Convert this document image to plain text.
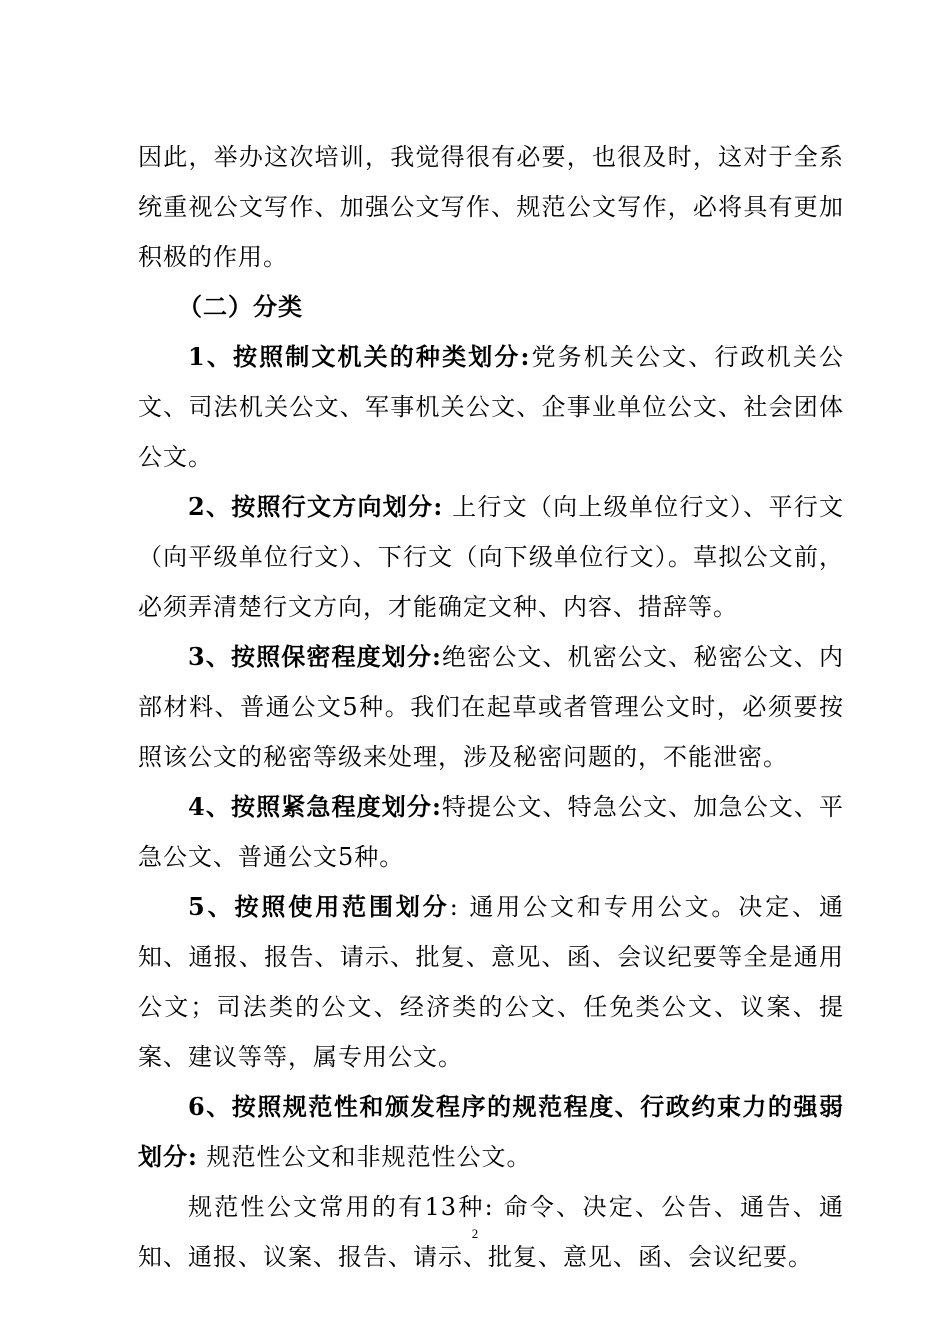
因此，举办这次培训，我觉得很有必要，也很及时，这对于全系统重视公文写作、加强公文写作、规范公文写作，必将具有更加积极的作用。

（二）分类

1、按照制文机关的种类划分:党务机关公文、行政机关公文、司法机关公文、军事机关公文、企事业单位公文、社会团体公文。

2、按照行文方向划分: 上行文（向上级单位行文）、平行文（向平级单位行文）、下行文（向下级单位行文）。草拟公文前，必须弄清楚行文方向，才能确定文种、内容、措辞等。

3、按照保密程度划分:绝密公文、机密公文、秘密公文、内部材料、普通公文5种。我们在起草或者管理公文时，必须要按照该公文的秘密等级来处理，涉及秘密问题的，不能泄密。

4、按照紧急程度划分:特提公文、特急公文、加急公文、平急公文、普通公文5种。

5、按照使用范围划分: 通用公文和专用公文。决定、通知、通报、报告、请示、批复、意见、函、会议纪要等全是通用公文；司法类的公文、经济类的公文、任免类公文、议案、提案、建议等等，属专用公文。

6、按照规范性和颁发程序的规范程度、行政约束力的强弱划分: 规范性公文和非规范性公文。

规范性公文常用的有13种: 命令、决定、公告、通告、通知、通报、议案、报告、请示、批复、意见、函、会议纪要。

2
